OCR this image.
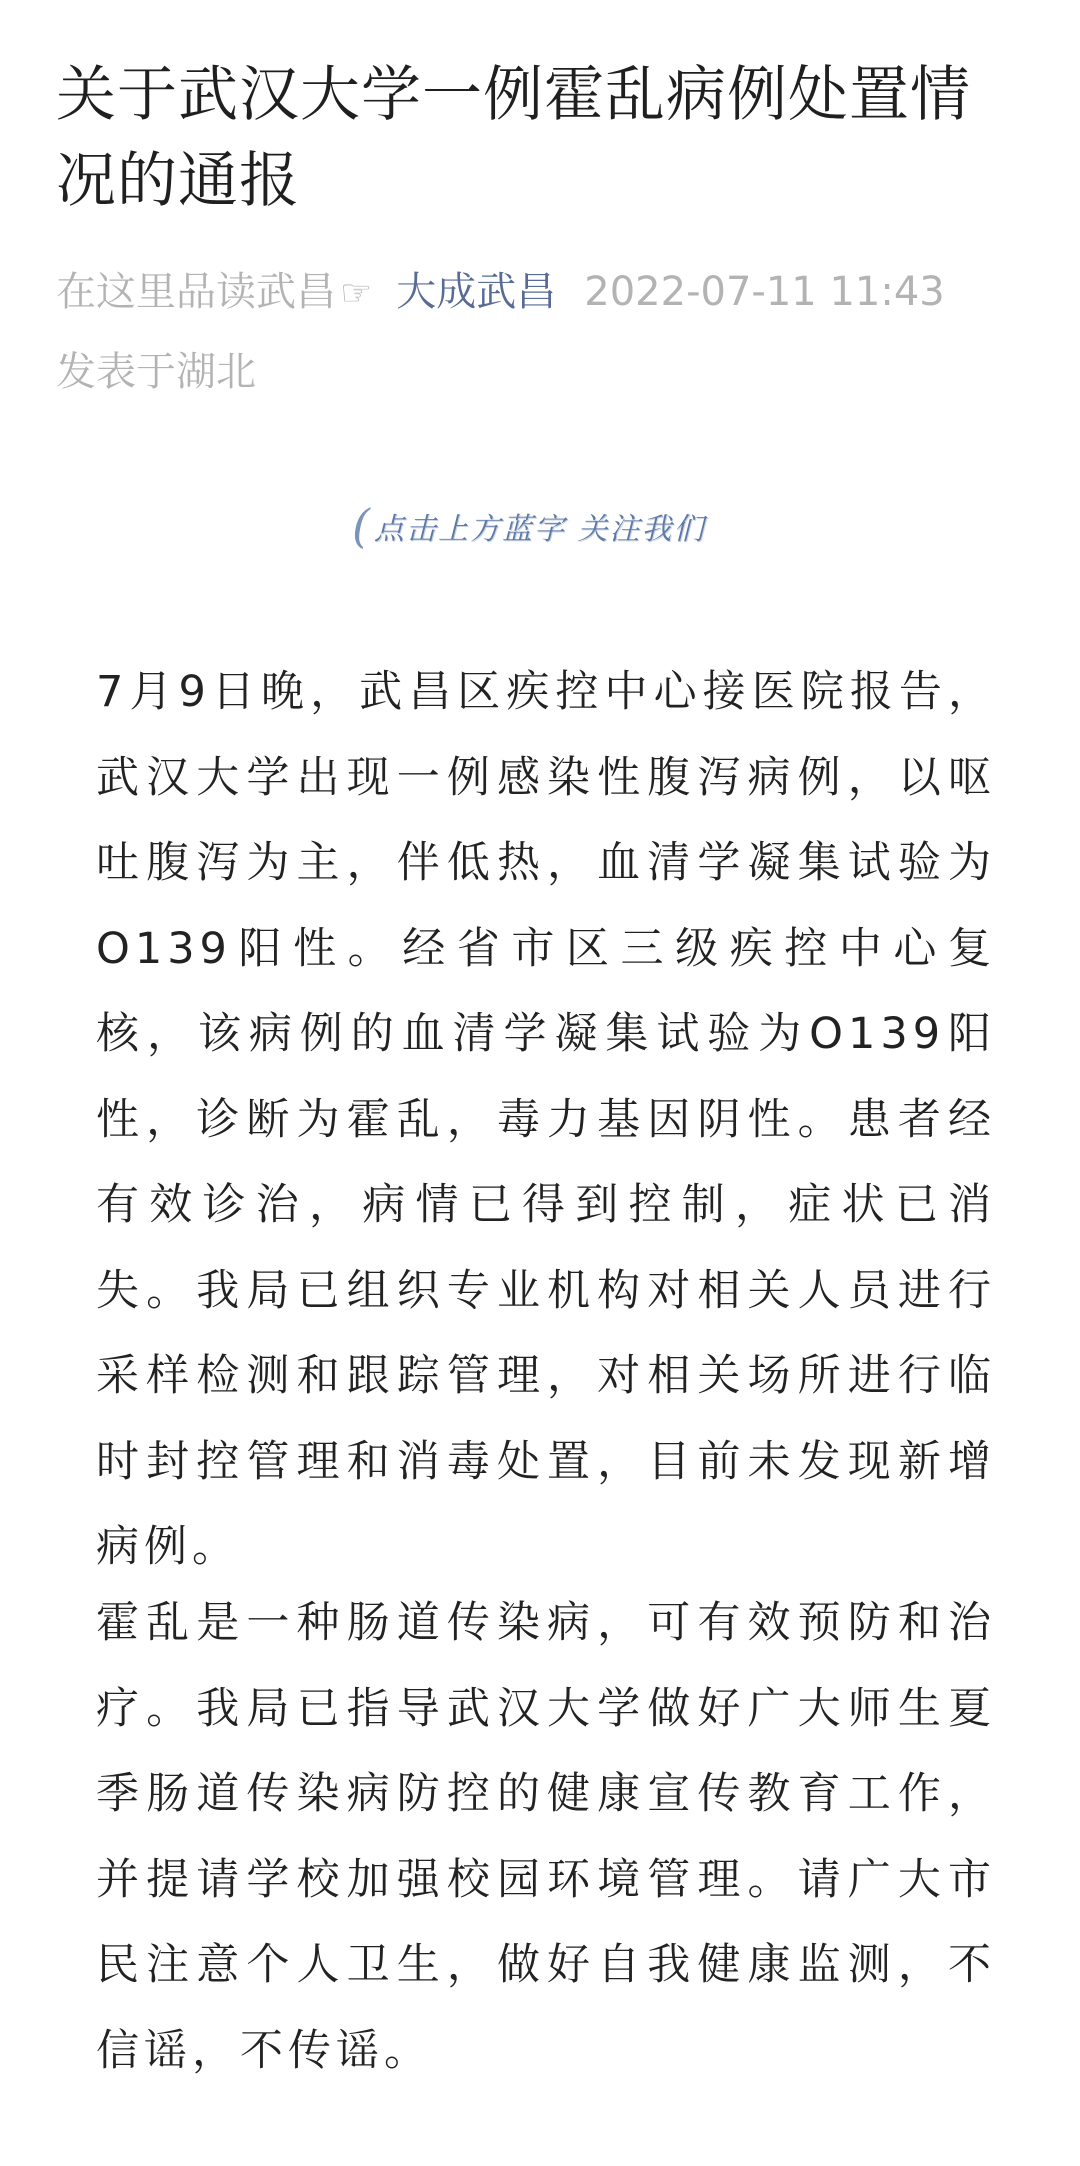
关于武汉大学一例霍乱病例处置情况的通报
在这里品读武昌 ☞ 大成武昌 2022-07-11 11:43
发表于湖北
( 点击上方蓝字 关注我们

7月9日晚，武昌区疾控中心接医院报告，武汉大学出现一例感染性腹泻病例，以呕吐腹泻为主，伴低热，血清学凝集试验为O139阳性。经省市区三级疾控中心复核，该病例的血清学凝集试验为O139阳性，诊断为霍乱，毒力基因阴性。患者经有效诊治，病情已得到控制，症状已消失。我局已组织专业机构对相关人员进行采样检测和跟踪管理，对相关场所进行临时封控管理和消毒处置，目前未发现新增病例。

霍乱是一种肠道传染病，可有效预防和治疗。我局已指导武汉大学做好广大师生夏季肠道传染病防控的健康宣传教育工作，并提请学校加强校园环境管理。请广大市民注意个人卫生，做好自我健康监测，不信谣，不传谣。
